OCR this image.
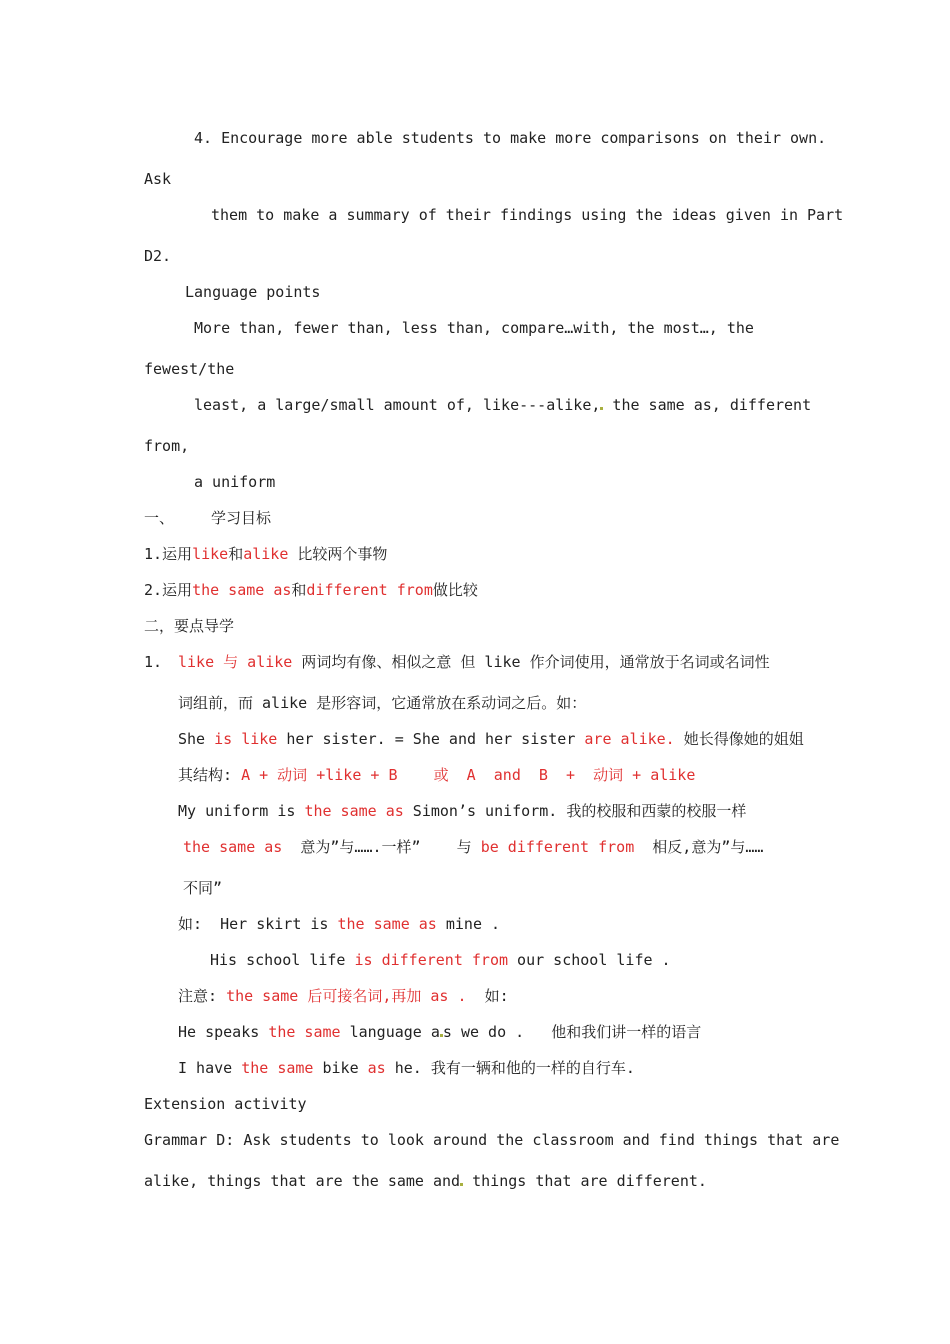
4. Encourage more able students to make more comparisons on their own.
Ask
them to make a summary of their findings using the ideas given in Part
D2.
Language points
More than, fewer than, less than, compare…with, the most…, the
fewest/the
least, a large/small amount of, like---alike, the same as, different
from,
a uniform
一、 学习目标
1.运用like和alike 比较两个事物
2.运用the same as和different from做比较
二，要点导学
1. like 与 alike 两词均有像、相似之意 但 like 作介词使用，通常放于名词或名词性
词组前，而 alike 是形容词，它通常放在系动词之后。如：
She is like her sister. = She and her sister are alike. 她长得像她的姐姐
其结构: A + 动词 +like + B    或  A  and  B  +  动词 + alike
My uniform is the same as Simon’s uniform. 我的校服和西蒙的校服一样
the same as  意为”与…….一样”    与 be different from  相反,意为”与……
不同”
如:  Her skirt is the same as mine .
His school life is different from our school life .
注意: the same 后可接名词,再加 as .  如:
He speaks the same language a s we do .   他和我们讲一样的语言
I have the same bike as he. 我有一辆和他的一样的自行车.
Extension activity
Grammar D: Ask students to look around the classroom and find things that are
alike, things that are the same and things that are different.
